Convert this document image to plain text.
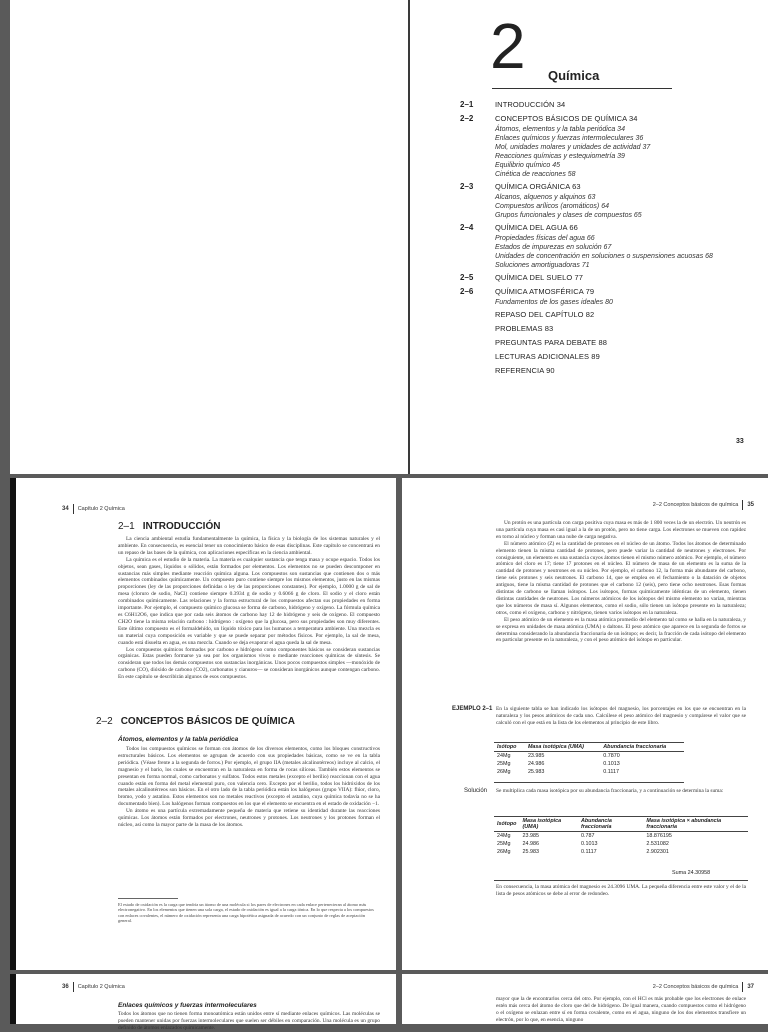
2 Química
2–1	INTRODUCCIÓN 34
2–2	CONCEPTOS BÁSICOS DE QUÍMICA 34
Átomos, elementos y la tabla periódica 34
Enlaces químicos y fuerzas intermoleculares 36
Mol, unidades molares y unidades de actividad 37
Reacciones químicas y estequiometría 39
Equilibrio químico 45
Cinética de reacciones 58
2–3	QUÍMICA ORGÁNICA 63
Alcanos, alquenos y alquinos 63
Compuestos arílicos (aromáticos) 64
Grupos funcionales y clases de compuestos 65
2–4	QUÍMICA DEL AGUA 66
Propiedades físicas del agua 66
Estados de impurezas en solución 67
Unidades de concentración en soluciones o suspensiones acuosas 68
Soluciones amortiguadoras 71
2–5	QUÍMICA DEL SUELO 77
2–6	QUÍMICA ATMOSFÉRICA 79
Fundamentos de los gases ideales 80
REPASO DEL CAPÍTULO 82
PROBLEMAS 83
PREGUNTAS PARA DEBATE 88
LECTURAS ADICIONALES 89
REFERENCIA 90
33
34 Capítulo 2 Química
2–1 INTRODUCCIÓN

La ciencia ambiental estudia fundamentalmente la química, la física y la biología de los sistemas naturales y el ambiente. En consecuencia, es esencial tener un conocimiento básico de esas disciplinas. Este capítulo se concentrará en un repaso de las bases de la química, con aplicaciones específicas en la ciencia ambiental.

La química es el estudio de la materia. La materia es cualquier sustancia que tenga masa y ocupe espacio. Todos los objetos, sean gases, líquidos o sólidos, están formados por elementos. Los elementos no se pueden descomponer en sustancias más simples mediante reacción química alguna. Los compuestos son sustancias que contienen dos o más elementos combinados químicamente. Un compuesto puro contiene siempre los mismos elementos, justo en las mismas proporciones (ley de las proporciones definidas o ley de las proporciones constantes). Por ejemplo, 1.0000 g de sal de mesa (cloruro de sodio, NaCl) contiene siempre 0.3934 g de sodio y 0.6066 g de cloro. El sodio y el cloro están combinados químicamente. Las relaciones y la forma estructural de los compuestos afectan sus propiedades en forma importante. Por ejemplo, el compuesto químico glucosa se forma de carbono, hidrógeno y oxígeno. La fórmula química es C6H12O6, que indica que por cada seis átomos de carbono hay 12 de hidrógeno y seis de oxígeno. El compuesto CH2O tiene la misma relación carbono : hidrógeno : oxígeno que la glucosa, pero sus propiedades son muy diferentes. Este último compuesto es el formaldehído, un líquido tóxico para los humanos a temperatura ambiente. Una mezcla es un material cuya composición es variable y que se puede separar por métodos físicos. Por ejemplo, la sal de mesa, cuando está disuelta en agua, es una mezcla. Cuando se deja evaporar el agua queda la sal de mesa.

Los compuestos químicos formados por carbono e hidrógeno como componentes básicos se consideran sustancias orgánicas. Estas pueden formarse ya sea por los organismos vivos o mediante reacciones químicas de síntesis. Se consideran que todos los demás compuestos son sustancias inorgánicas. Unos pocos compuestos simples —monóxido de carbono (CO), dióxido de carbono (CO2), carbonatos y cianuros— se consideran inorgánicos aunque contengan carbono. En este capítulo se describirán algunos de esos compuestos.

2–2 CONCEPTOS BÁSICOS DE QUÍMICA
Átomos, elementos y la tabla periódica

Todos los compuestos químicos se forman con átomos de los diversos elementos, como los bloques constructivos estructurales básicos. Los elementos se agrupan de acuerdo con sus propiedades básicas, como se ve en la tabla periódica. (Véase frente a la segunda de forros.) Por ejemplo, el grupo IIA (metales alcalinotérreos) incluye al calcio, el magnesio y el bario, los cuales se encuentran en la naturaleza en forma de rocas silíceas. También estos elementos se presentan en forma normal, como carbonatos y sulfatos. Todos estos metales (excepto el berilio) reaccionan con el agua cuando están en forma del metal elemental puro, con valencia cero. Excepto por el berilio, todos los hidróxidos de los metales alcalinotérreos son básicos. En el otro lado de la tabla periódica están los halógenos (grupo VIIA): flúor, cloro, bromo, yodo y astatino. Estos elementos son no metales reactivos (excepto el astatino, cuya química todavía no se ha documentado bien). Los halógenos forman compuestos en los que el elemento se encuentra en el estado de oxidación −1.

Un átomo es una partícula extremadamente pequeña de materia que retiene su identidad durante las reacciones químicas. Los átomos están formados por electrones, neutrones y protones. Los neutrones y los protones forman el núcleo, así como la mayor parte de la masa de los átomos.

El estado de oxidación es la carga que tendría un átomo de una molécula si los pares de electrones en cada enlace pertenecieran al átomo más electronegativo. En los elementos que tienen una sola carga, el estado de oxidación es igual a la carga iónica. En lo que respecta a los compuestos con enlaces covalentes, el número de oxidación representa una carga hipotética asignada de acuerdo con un conjunto de reglas de aceptación general.
2–2 Conceptos básicos de química 35

Un protón es una partícula con carga positiva cuya masa es más de 1 800 veces la de un electrón. Un neutrón es una partícula cuya masa es casi igual a la de un protón, pero no tiene carga. Los electrones se mueven con rapidez en torno al núcleo y forman una nube de carga negativa.

El número atómico (Z) es la cantidad de protones en el núcleo de un átomo. Todos los átomos de determinado elemento tienen la misma cantidad de protones, pero puede variar la cantidad de neutrones y electrones. Por consiguiente, un elemento es una sustancia cuyos átomos tienen el mismo número atómico. Por ejemplo, el número atómico del cloro es 17; tiene 17 protones en el núcleo. El número de masa de un elemento es la suma de la cantidad de protones y neutrones en su núcleo. Por ejemplo, el carbono 12, la forma más abundante del carbono, tiene seis protones y seis neutrones. El carbono 14, que se emplea en el fechamiento o la datación de objetos antiguos, tiene la misma cantidad de protones que el carbono 12 (seis), pero tiene ocho neutrones. Esas formas distintas de carbono se llaman isótopos. Los isótopos, formas químicamente idénticas de un elemento, tienen distintas cantidades de neutrones. Los números atómicos de los isótopos del mismo elemento no varían, mientras que los números de masa sí. Algunos elementos, como el sodio, sólo tienen un isótopo presente en la naturaleza; otros, como el oxígeno, carbono y nitrógeno, tienen varios isótopos en la naturaleza.

El peso atómico de un elemento es la masa atómica promedio del elemento tal como se halla en la naturaleza, y se expresa en unidades de masa atómica (UMA) o daltons. El peso atómico que aparece en la segunda de forros se determina considerando la abundancia fraccionaria de un isótopo; es decir, la fracción de cada isótopo del elemento en particular presente en la naturaleza, y con el peso atómico del isótopo en particular.

EJEMPLO 2–1 En la siguiente tabla se han indicado los isótopos del magnesio, los porcentajes en los que se encuentran en la naturaleza y los pesos atómicos de cada uno. Calcúlese el peso atómico del magnesio y compárese el valor que se calculó con el que está en la lista de los elementos al principio de este libro.

Isótopo	Masa isotópica (UMA)	Abundancia fraccionaria
24Mg	23.985	0.7870
25Mg	24.986	0.1013
26Mg	25.983	0.1117
Solución Se multiplica cada masa isotópica por su abundancia fraccionaria, y a continuación se determina la suma:

Isótopo	Masa isotópica (UMA)	Abundancia fraccionaria	Masa isotópica × abundancia fraccionaria
24Mg	23.985	0.787	18.876195
25Mg	24.986	0.1013	2.531082
26Mg	25.983	0.1117	2.902301
Suma 24.30958

En consecuencia, la masa atómica del magnesio es 24.3096 UMA. La pequeña diferencia entre este valor y el de la lista de pesos atómicos se debe al error de redondeo.

36 Capítulo 2 Química
Enlaces químicos y fuerzas intermoleculares

Todos los átomos que no tienen forma monoatómica están unidos entre sí mediante enlaces químicos. Las moléculas se pueden mantener unidas por fuerzas intermoleculares que suelen ser débiles en comparación. Una molécula es un grupo definido de átomos enlazados químicamente.

2–2 Conceptos básicos de química 37

mayor que la de encontrarlos cerca del otro. Por ejemplo, con el HCl es más probable que los electrones de enlace estén más cerca del átomo de cloro que del de hidrógeno. De igual manera, cuando compuestos como el hidrógeno o el oxígeno se enlazan entre sí en forma covalente, como en el agua, ninguno de los dos elementos transfiere un electrón, por lo que, en esencia, ninguno
